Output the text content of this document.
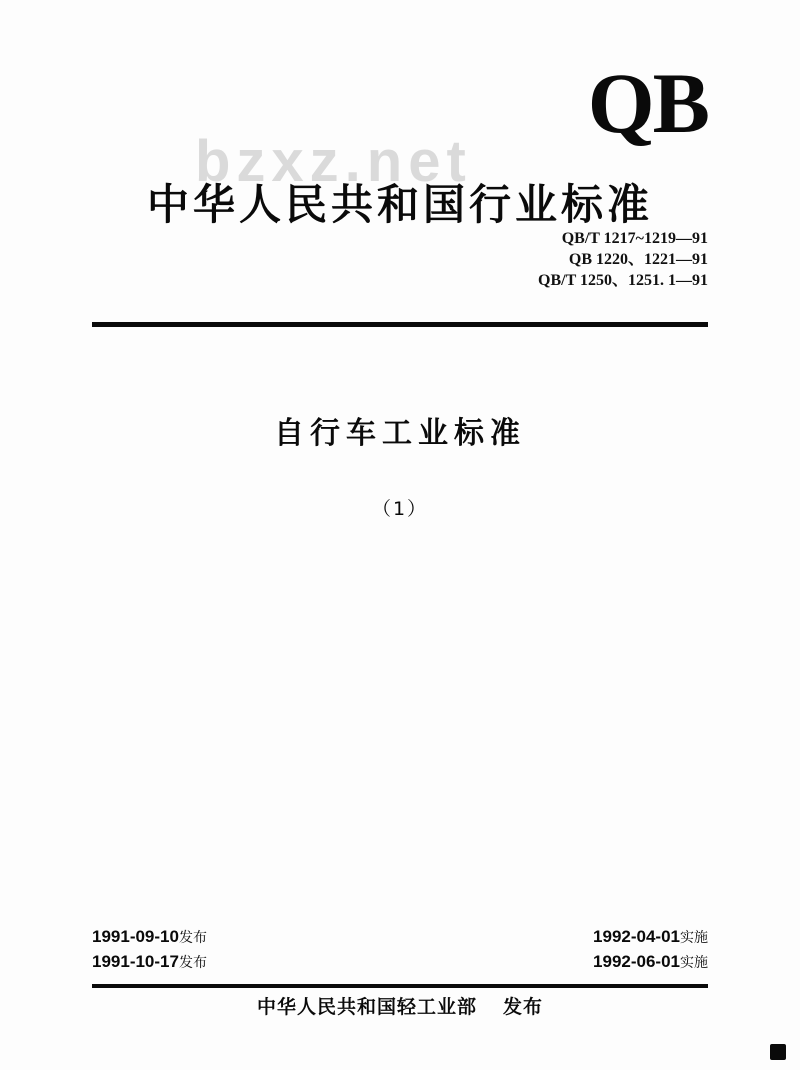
bzxz.net
QB
中华人民共和国行业标准
QB/T 1217~1219—91
QB 1220、1221—91
QB/T 1250、1251. 1—91
自行车工业标准
（1）
1991-09-10发布
1991-10-17发布
1992-04-01实施
1992-06-01实施
中华人民共和国轻工业部 发布
